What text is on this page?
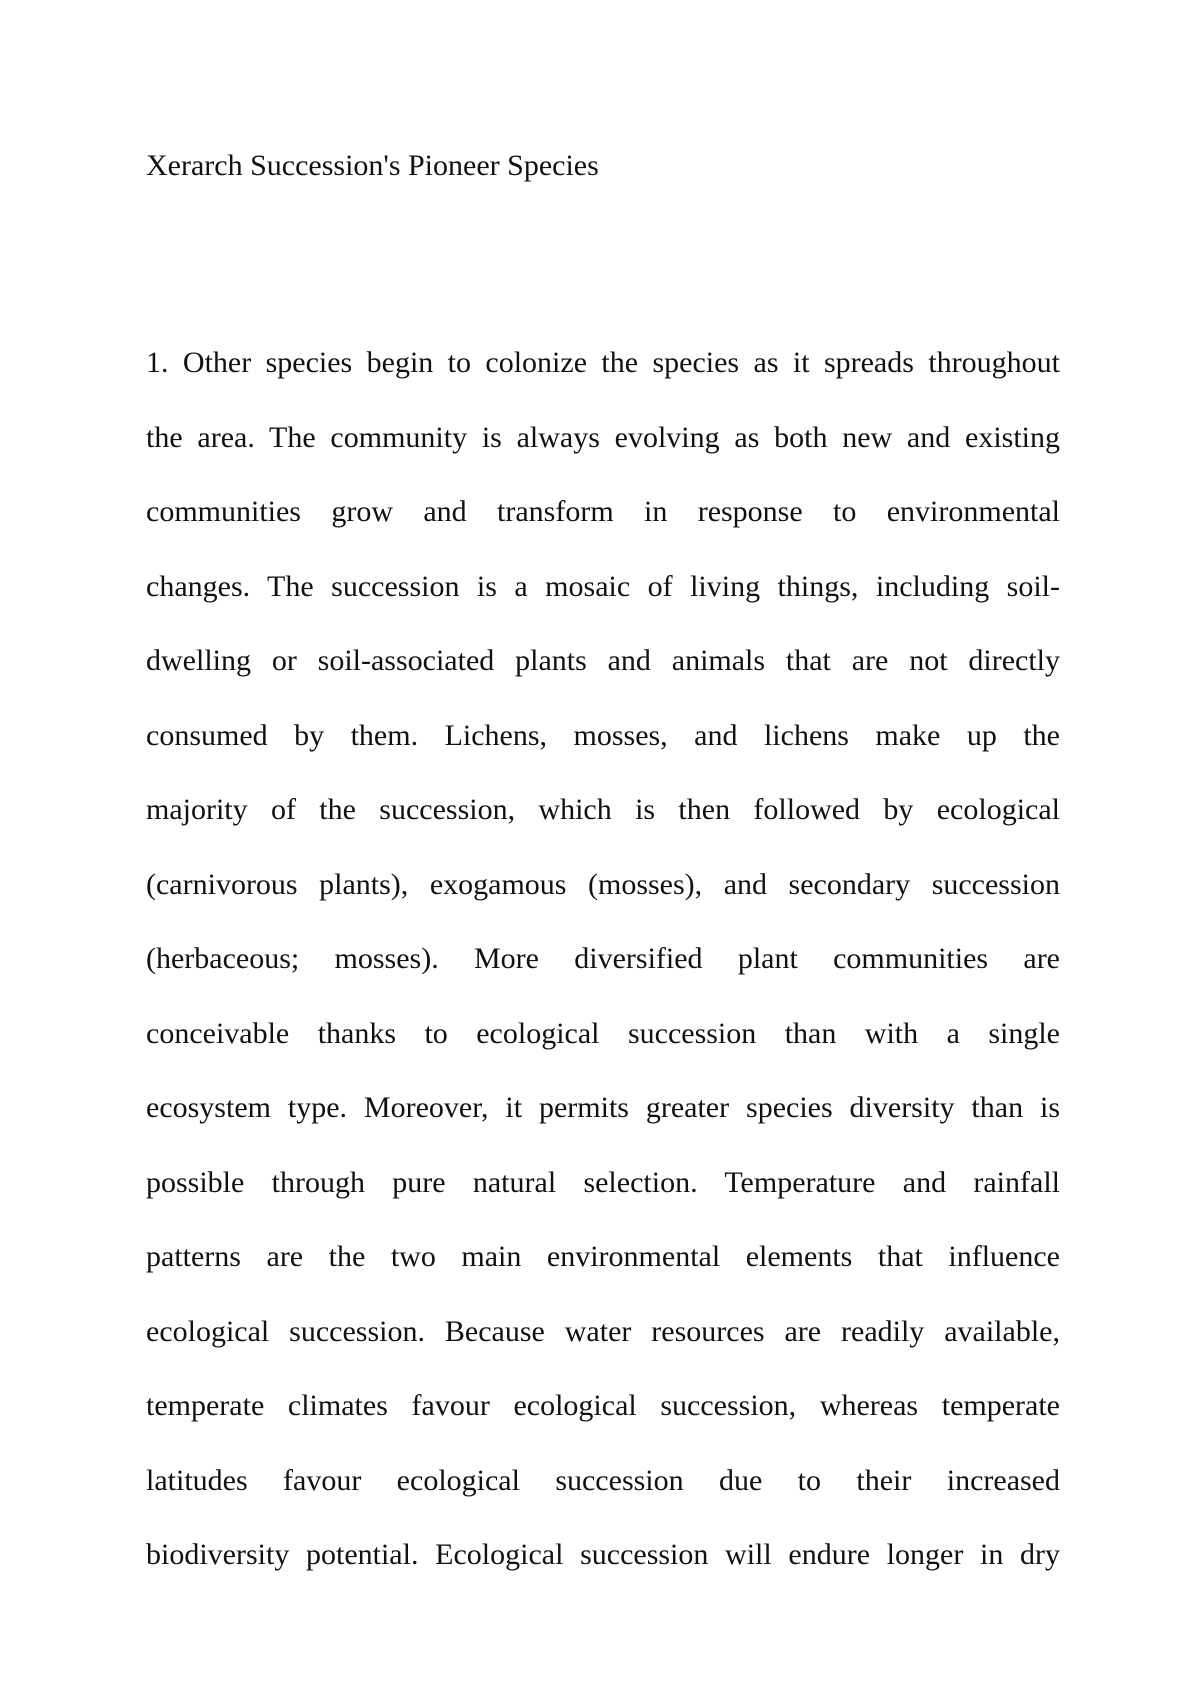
Xerarch Succession's Pioneer Species
1. Other species begin to colonize the species as it spreads throughout
the area. The community is always evolving as both new and existing
communities grow and transform in response to environmental
changes. The succession is a mosaic of living things, including soil-
dwelling or soil-associated plants and animals that are not directly
consumed by them. Lichens, mosses, and lichens make up the
majority of the succession, which is then followed by ecological
(carnivorous plants), exogamous (mosses), and secondary succession
(herbaceous; mosses). More diversified plant communities are
conceivable thanks to ecological succession than with a single
ecosystem type. Moreover, it permits greater species diversity than is
possible through pure natural selection. Temperature and rainfall
patterns are the two main environmental elements that influence
ecological succession. Because water resources are readily available,
temperate climates favour ecological succession, whereas temperate
latitudes favour ecological succession due to their increased
biodiversity potential. Ecological succession will endure longer in dry
